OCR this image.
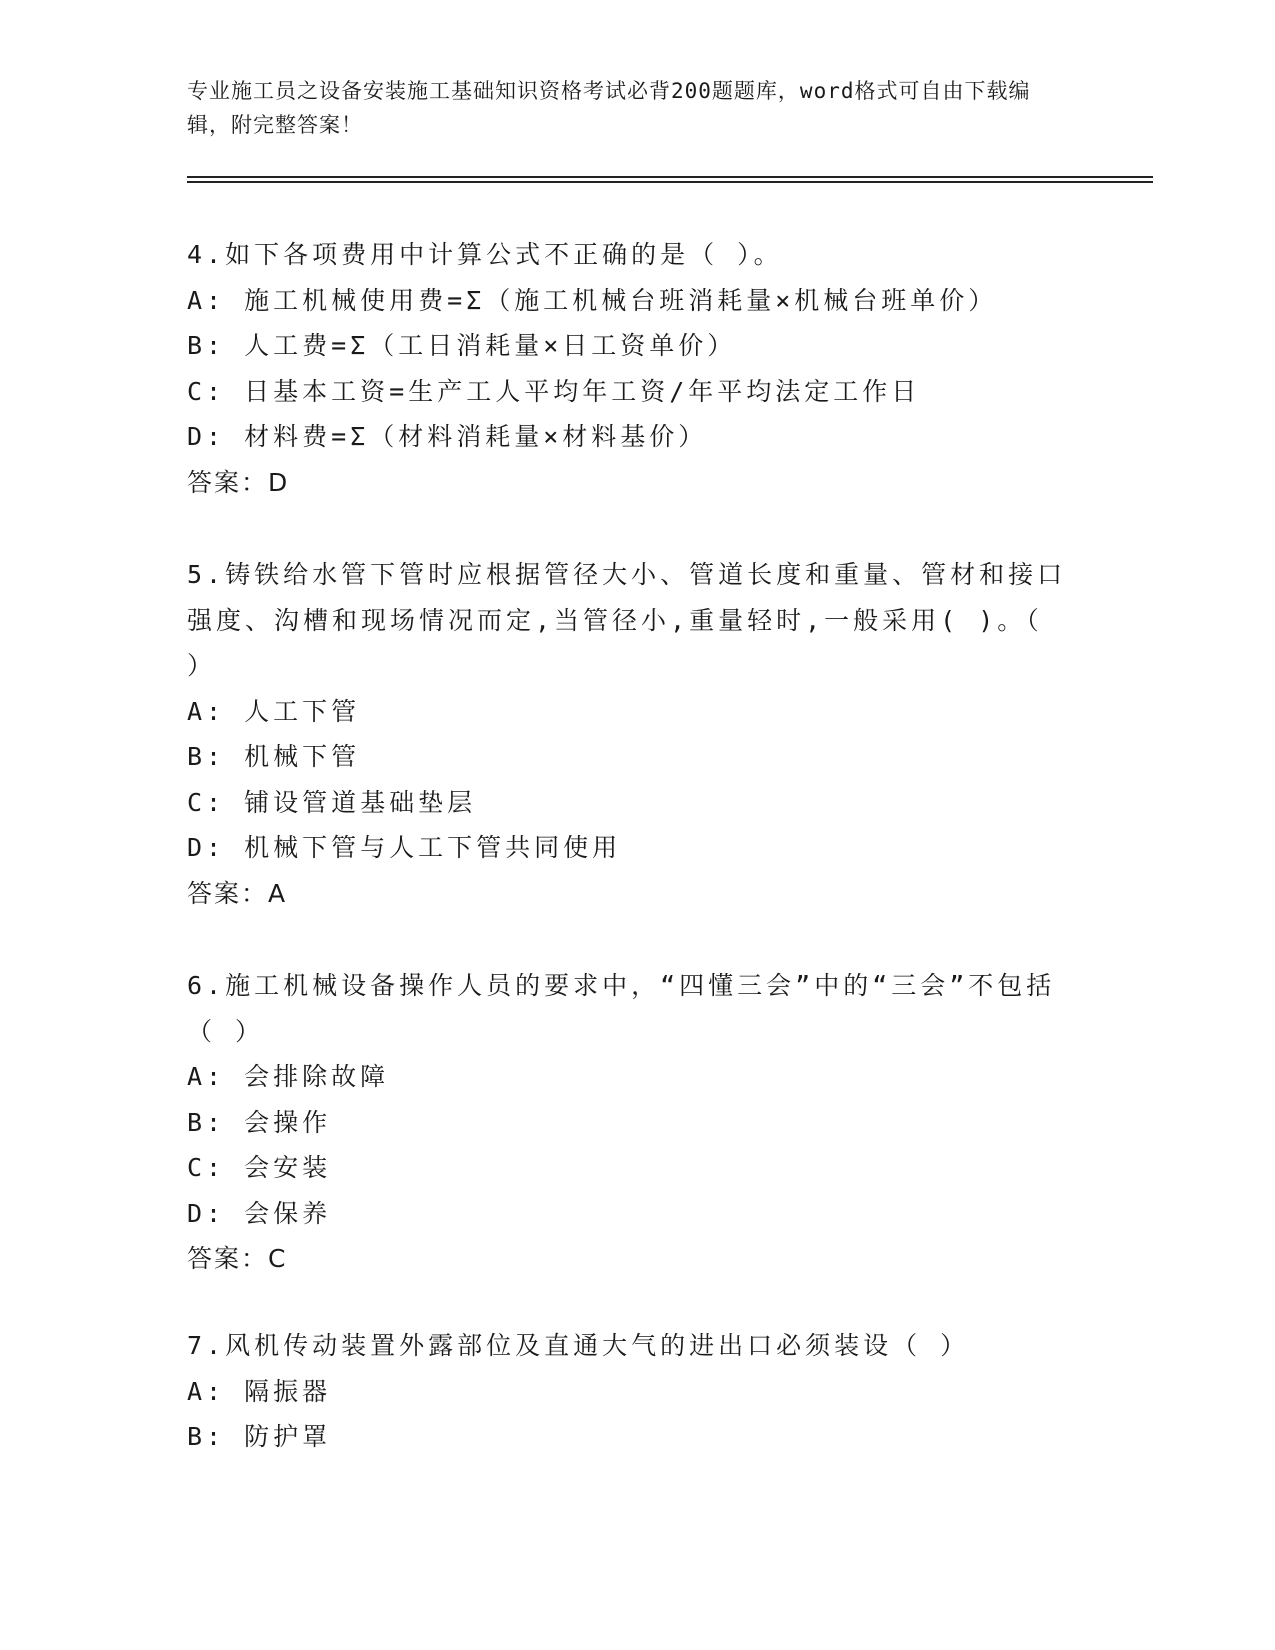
专业施工员之设备安装施工基础知识资格考试必背200题题库，word格式可自由下载编辑，附完整答案！

4.如下各项费用中计算公式不正确的是（ ）。

A: 施工机械使用费=Σ（施工机械台班消耗量×机械台班单价）

B: 人工费=Σ（工日消耗量×日工资单价）

C: 日基本工资=生产工人平均年工资/年平均法定工作日

D: 材料费=Σ（材料消耗量×材料基价）

答案：D

5.铸铁给水管下管时应根据管径大小、管道长度和重量、管材和接口强度、沟槽和现场情况而定,当管径小,重量轻时,一般采用( )。（ ）

A: 人工下管

B: 机械下管

C: 铺设管道基础垫层

D: 机械下管与人工下管共同使用

答案：A

6.施工机械设备操作人员的要求中，“四懂三会”中的“三会”不包括（ ）

A: 会排除故障

B: 会操作

C: 会安装

D: 会保养

答案：C

7.风机传动装置外露部位及直通大气的进出口必须装设（ ）

A: 隔振器

B: 防护罩
